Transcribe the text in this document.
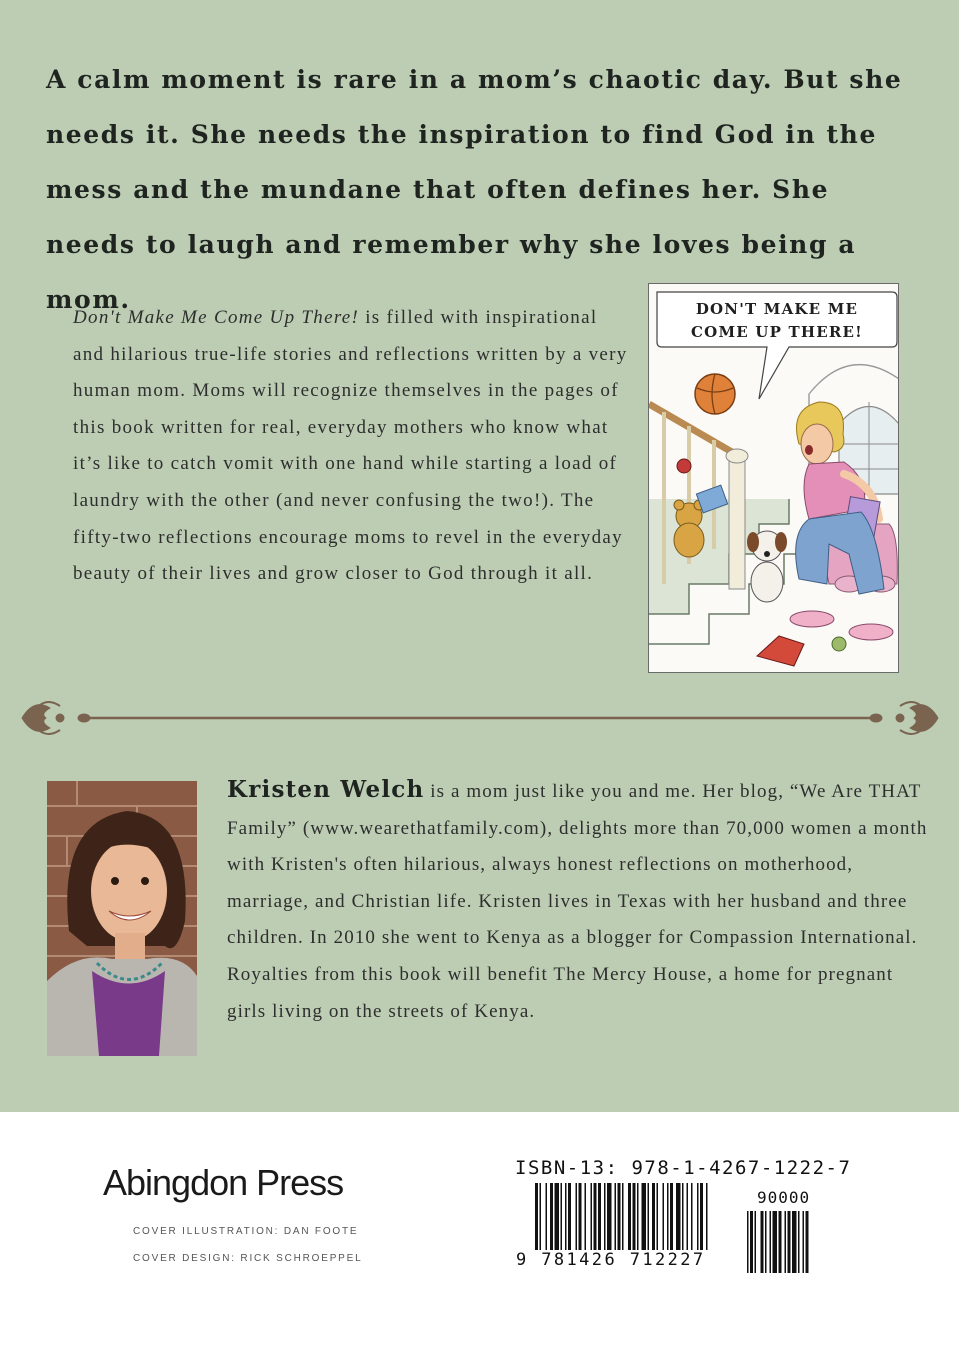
A calm moment is rare in a mom’s chaotic day. But she needs it. She needs the inspiration to find God in the mess and the mundane that often defines her. She needs to laugh and remember why she loves being a mom.
Don't Make Me Come Up There! is filled with inspirational and hilarious true-life stories and reflections written by a very human mom. Moms will recognize themselves in the pages of this book written for real, everyday mothers who know what it’s like to catch vomit with one hand while starting a load of laundry with the other (and never confusing the two!). The fifty-two reflections encourage moms to revel in the everyday beauty of their lives and grow closer to God through it all.
DON'T MAKE ME
COME UP THERE!
Kristen Welch is a mom just like you and me. Her blog, “We Are THAT Family” (www.wearethatfamily.com), delights more than 70,000 women a month with Kristen's often hilarious, always honest reflections on motherhood, marriage, and Christian life. Kristen lives in Texas with her husband and three children. In 2010 she went to Kenya as a blogger for Compassion International. Royalties from this book will benefit The Mercy House, a home for pregnant girls living on the streets of Kenya.
Abingdon Press
COVER ILLUSTRATION: DAN FOOTE
COVER DESIGN: RICK SCHROEPPEL
ISBN-13: 978-1-4267-1222-7
90000
9 781426 712227
